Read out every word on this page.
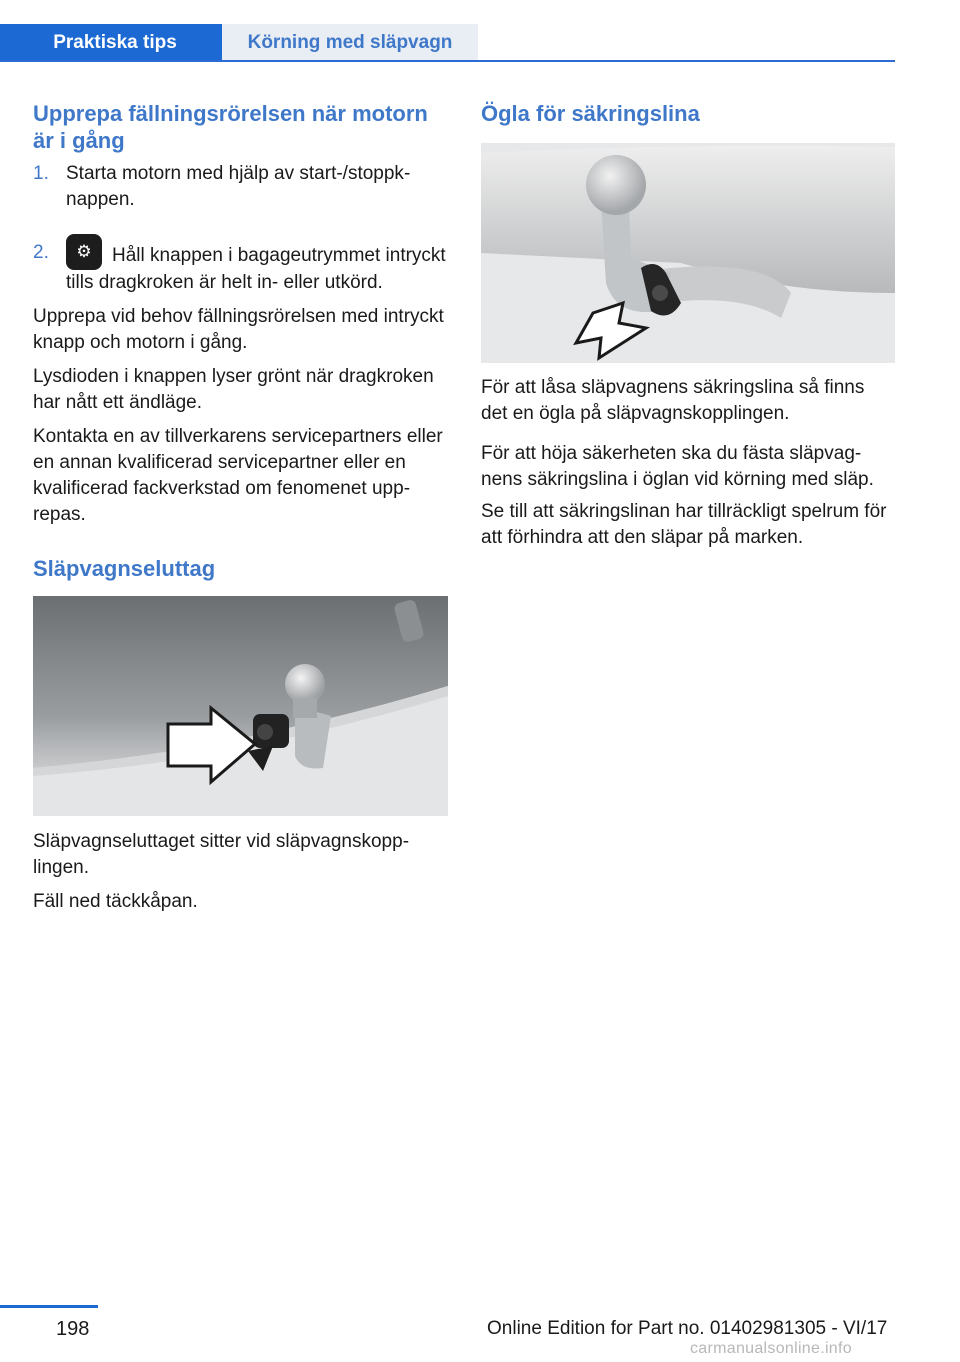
Praktiska tips	Körning med släpvagn
Upprepa fällningsrörelsen när motorn är i gång
1. Starta motorn med hjälp av start-/stoppknappen.
2.	⚙	Håll knappen i bagageutrymmet intryckt tills dragkroken är helt in- eller utkörd.

Upprepa vid behov fällningsrörelsen med intryckt knapp och motorn i gång.

Lysdioden i knappen lyser grönt när dragkroken har nått ett ändläge.

Kontakta en av tillverkarens servicepartners eller en annan kvalificerad servicepartner eller en kvalificerad fackverkstad om fenomenet upprepas.

Släpvagnseluttag

Släpvagnseluttaget sitter vid släpvagnskopplingen.

Fäll ned täckkåpan.

Ögla för säkringslina

För att låsa släpvagnens säkringslina så finns det en ögla på släpvagnskopplingen.

För att höja säkerheten ska du fästa släpvagnens säkringslina i öglan vid körning med släp.

Se till att säkringslinan har tillräckligt spelrum för att förhindra att den släpar på marken.

198	Online Edition for Part no. 01402981305 - VI/17
carmanualsonline.info
